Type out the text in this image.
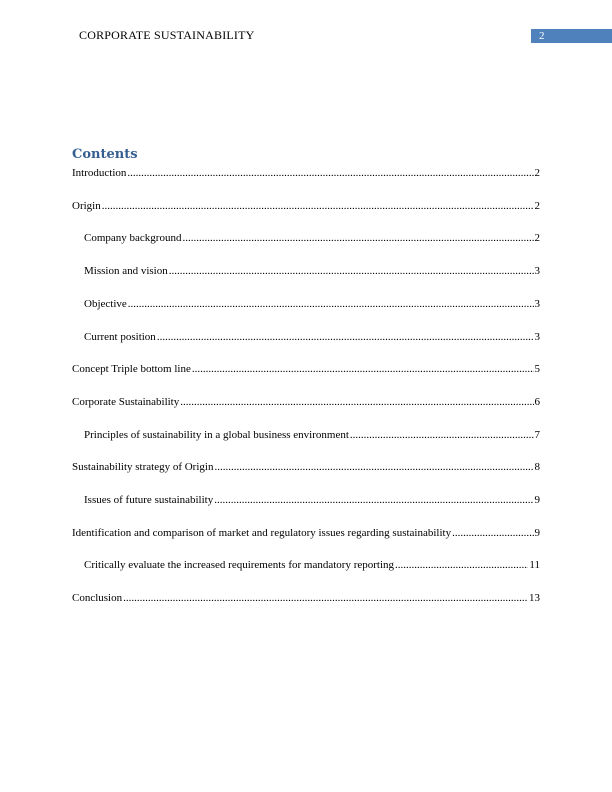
CORPORATE SUSTAINABILITY	2
Contents
Introduction .....	2
Origin .....	2
Company background .....	2
Mission and vision .....	3
Objective .....	3
Current position .....	3
Concept Triple bottom line .....	5
Corporate Sustainability .....	6
Principles of sustainability in a global business environment .....	7
Sustainability strategy of Origin .....	8
Issues of future sustainability .....	9
Identification and comparison of market and regulatory issues regarding sustainability .....	9
Critically evaluate the increased requirements for mandatory reporting .....	11
Conclusion .....	13
